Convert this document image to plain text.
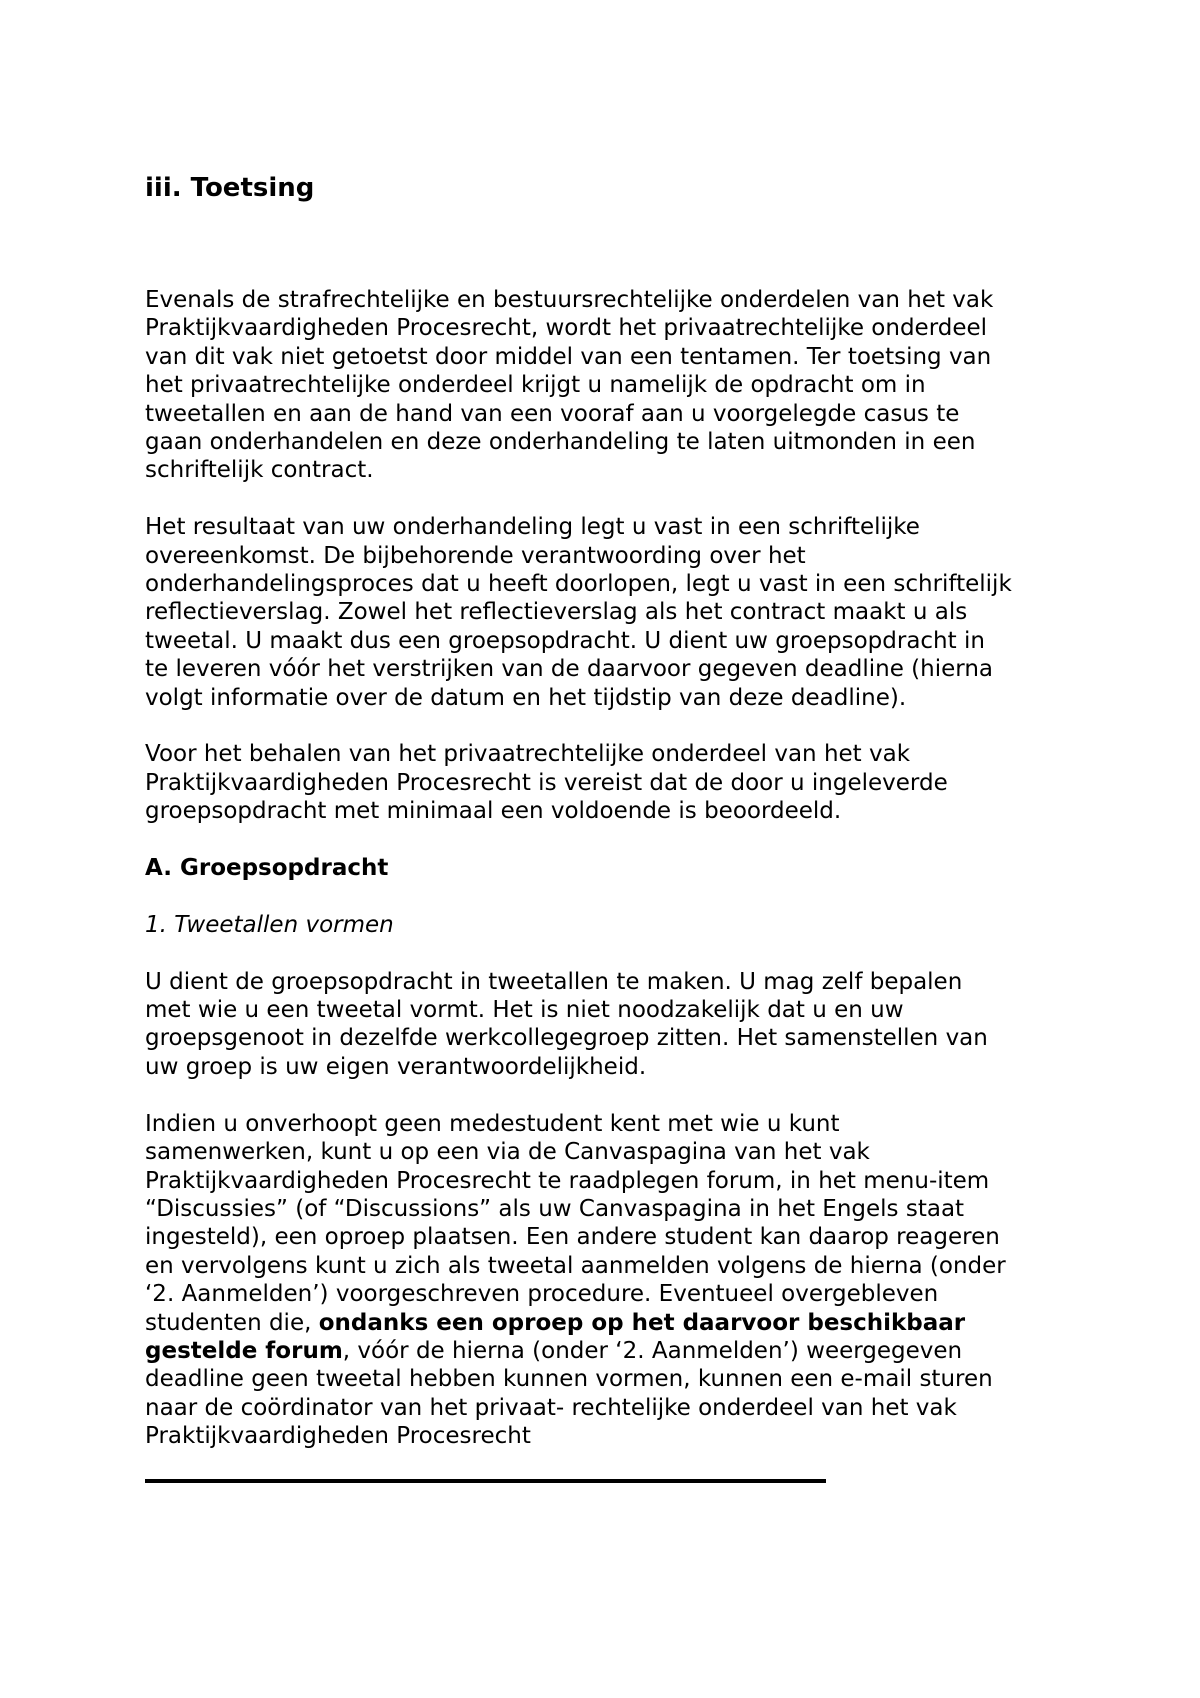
iii. Toetsing

Evenals de strafrechtelijke en bestuursrechtelijke onderdelen van het vak
Praktijkvaardigheden Procesrecht, wordt het privaatrechtelijke onderdeel
van dit vak niet getoetst door middel van een tentamen. Ter toetsing van
het privaatrechtelijke onderdeel krijgt u namelijk de opdracht om in
tweetallen en aan de hand van een vooraf aan u voorgelegde casus te
gaan onderhandelen en deze onderhandeling te laten uitmonden in een
schriftelijk contract.

Het resultaat van uw onderhandeling legt u vast in een schriftelijke
overeenkomst. De bijbehorende verantwoording over het
onderhandelingsproces dat u heeft doorlopen, legt u vast in een schriftelijk
reflectieverslag. Zowel het reflectieverslag als het contract maakt u als
tweetal. U maakt dus een groepsopdracht. U dient uw groepsopdracht in
te leveren vóór het verstrijken van de daarvoor gegeven deadline (hierna
volgt informatie over de datum en het tijdstip van deze deadline).

Voor het behalen van het privaatrechtelijke onderdeel van het vak
Praktijkvaardigheden Procesrecht is vereist dat de door u ingeleverde
groepsopdracht met minimaal een voldoende is beoordeeld.

A. Groepsopdracht
1. Tweetallen vormen

U dient de groepsopdracht in tweetallen te maken. U mag zelf bepalen
met wie u een tweetal vormt. Het is niet noodzakelijk dat u en uw
groepsgenoot in dezelfde werkcollegegroep zitten. Het samenstellen van
uw groep is uw eigen verantwoordelijkheid.

Indien u onverhoopt geen medestudent kent met wie u kunt
samenwerken, kunt u op een via de Canvaspagina van het vak
Praktijkvaardigheden Procesrecht te raadplegen forum, in het menu-item
“Discussies” (of “Discussions” als uw Canvaspagina in het Engels staat
ingesteld), een oproep plaatsen. Een andere student kan daarop reageren
en vervolgens kunt u zich als tweetal aanmelden volgens de hierna (onder
‘2. Aanmelden’) voorgeschreven procedure. Eventueel overgebleven
studenten die, ondanks een oproep op het daarvoor beschikbaar
gestelde forum, vóór de hierna (onder ‘2. Aanmelden’) weergegeven
deadline geen tweetal hebben kunnen vormen, kunnen een e-mail sturen
naar de coördinator van het privaat- rechtelijke onderdeel van het vak
Praktijkvaardigheden Procesrecht
